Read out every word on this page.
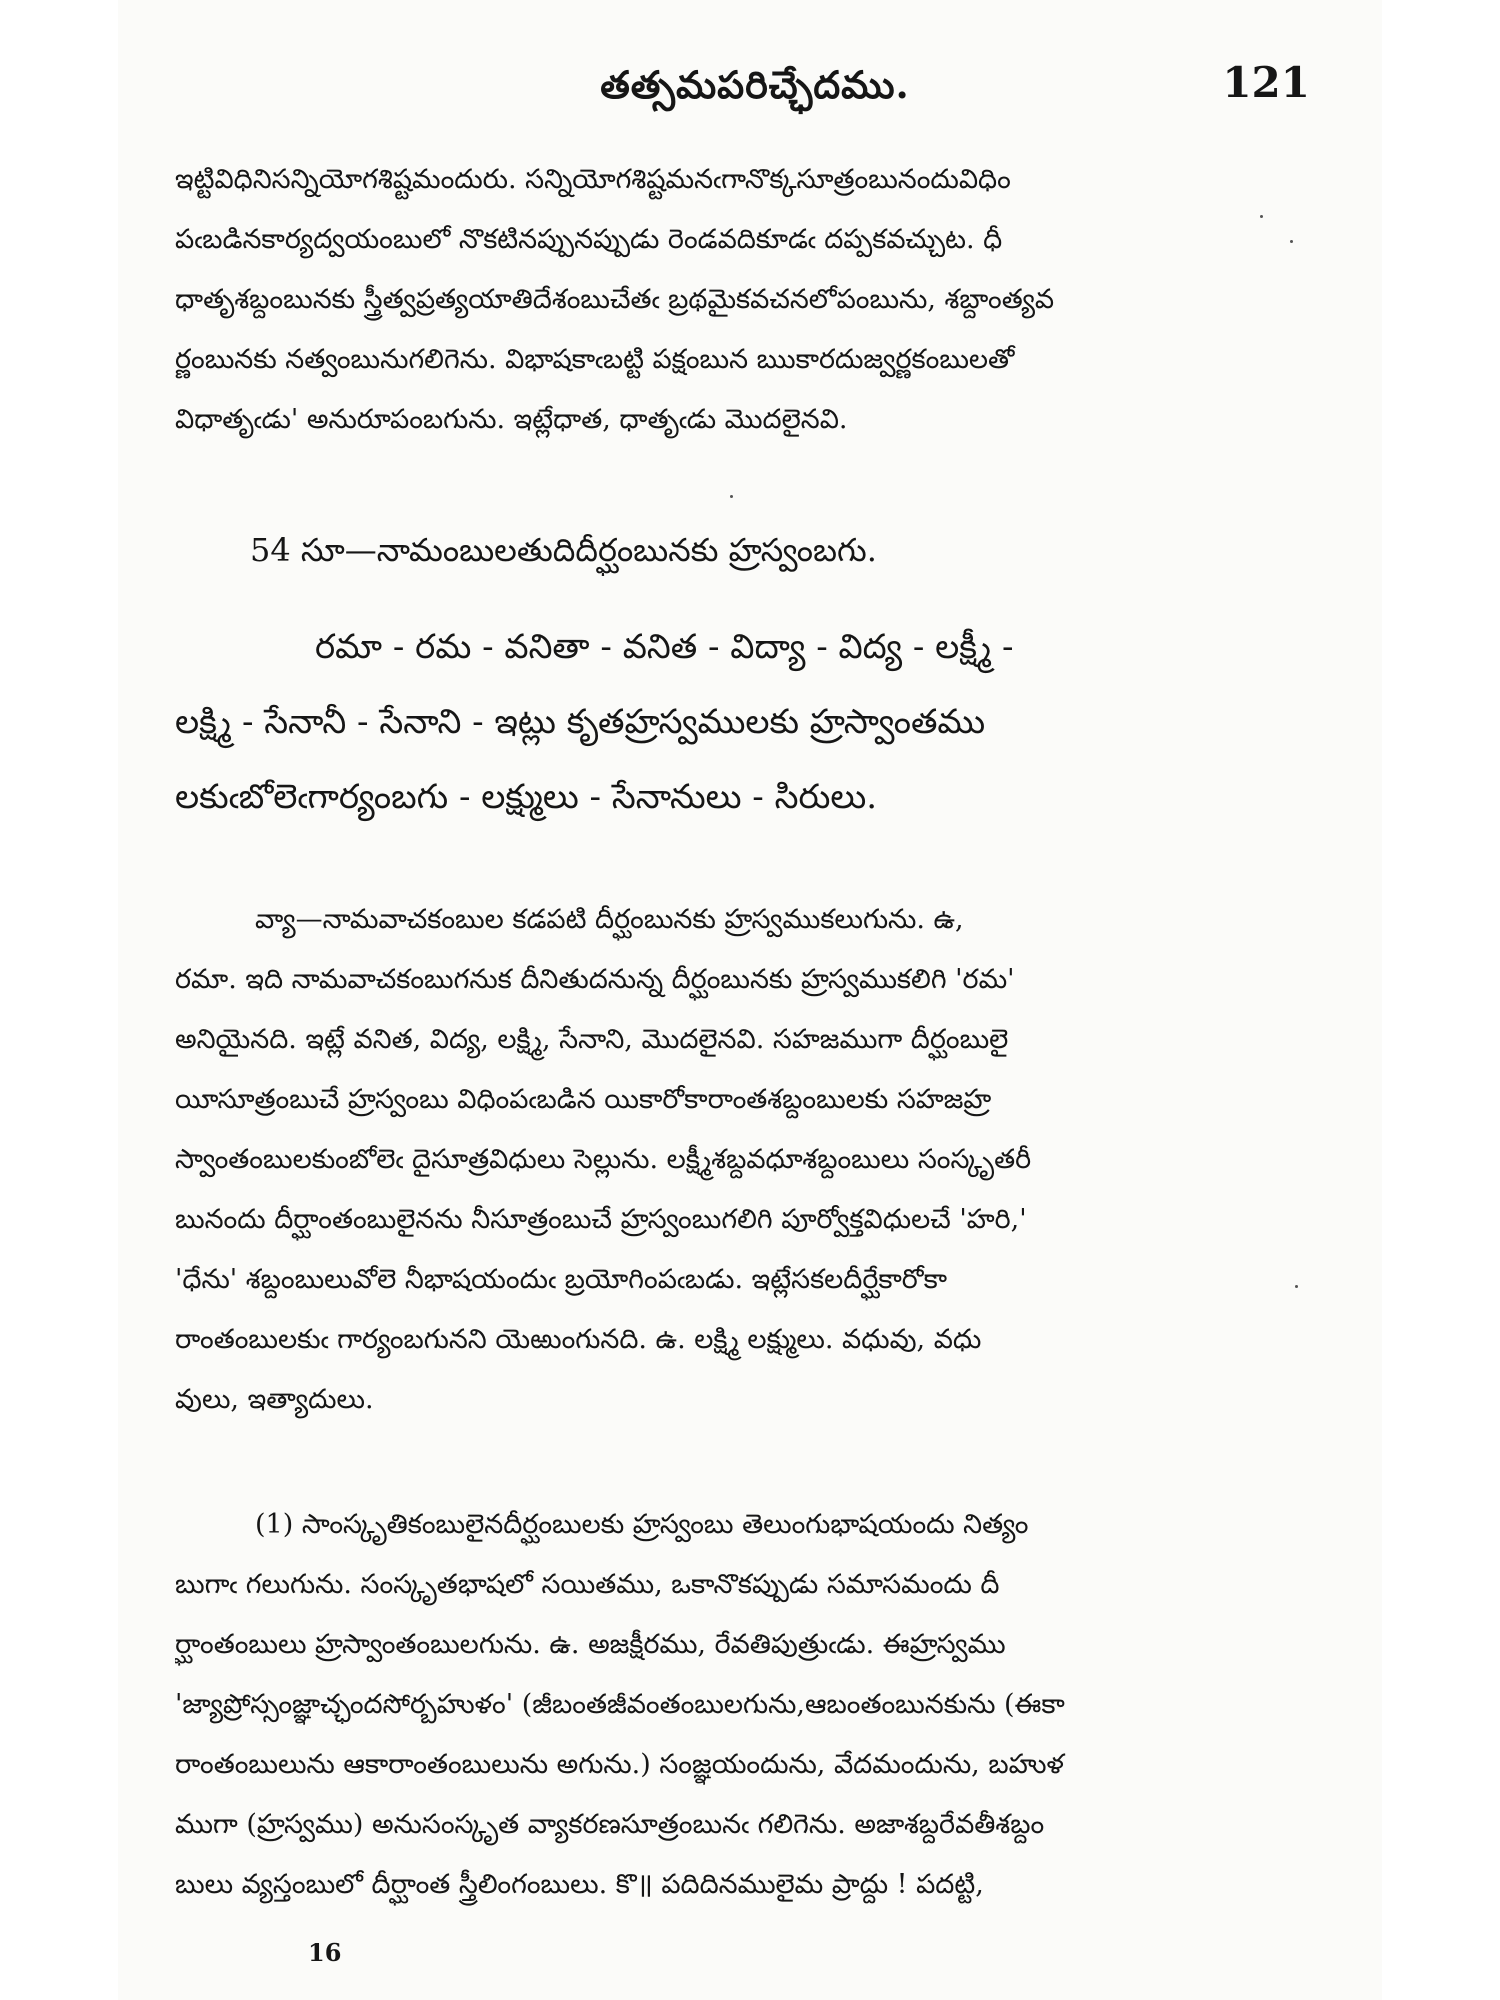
తత్సమపరిచ్ఛేదము.	121
ఇట్టివిధినిసన్నియోగశిష్టమందురు. సన్నియోగశిష్టమనఁగానొక్కసూత్రంబునందువిధిం
పఁబడినకార్యద్వయంబులో నొకటినప్పునప్పుడు రెండవదికూడఁ దప్పకవచ్చుట. ధీ
ధాతృశబ్దంబునకు స్త్రీత్వప్రత్యయాతిదేశంబుచేతఁ బ్రథమైకవచనలోపంబును, శబ్దాంత్యవ
ర్ణంబునకు నత్వంబునుగలిగెను. విభాషకాఁబట్టి పక్షంబున ఋకారదుజ్వర్ణకంబులతో
విధాతృఁడు' అనురూపంబగును. ఇట్లేధాత, ధాతృఁడు మొదలైనవి.
54 సూ—నామంబులతుదిదీర్ఘంబునకు హ్రస్వంబగు.
రమా - రమ - వనితా - వనిత - విద్యా - విద్య - లక్ష్మీ -
లక్ష్మి - సేనానీ - సేనాని - ఇట్లు కృతహ్రస్వములకు హ్రస్వాంతము
లకుఁబోలెఁగార్యంబగు - లక్ష్ములు - సేనానులు - సిరులు.
వ్యా—నామవాచకంబుల కడపటి దీర్ఘంబునకు హ్రస్వముకలుగును. ఉ,
రమా. ఇది నామవాచకంబుగనుక దీనితుదనున్న దీర్ఘంబునకు హ్రస్వముకలిగి 'రమ'
అనియైనది. ఇట్లే వనిత, విద్య, లక్ష్మి, సేనాని, మొదలైనవి. సహజముగా దీర్ఘంబులై
యీసూత్రంబుచే హ్రస్వంబు విధింపఁబడిన యికారోకారాంతశబ్దంబులకు సహజహ్ర
స్వాంతంబులకుంబోలెఁ దైసూత్రవిధులు సెల్లును. లక్ష్మీశబ్దవధూశబ్దంబులు సంస్కృతరీ
బునందు దీర్ఘాంతంబులైనను నీసూత్రంబుచే హ్రస్వంబుగలిగి పూర్వోక్తవిధులచే 'హరి,'
'ధేను' శబ్దంబులువోలె నీభాషయందుఁ బ్రయోగింపఁబడు. ఇట్లేసకలదీర్ఘేకారోకా
రాంతంబులకుఁ గార్యంబగునని యెఱుంగునది. ఉ. లక్ష్మి లక్ష్ములు. వధువు, వధు
వులు, ఇత్యాదులు.
(1) సాంస్కృతికంబులైనదీర్ఘంబులకు హ్రస్వంబు తెలుంగుభాషయందు నిత్యం
బుగాఁ గలుగును. సంస్కృతభాషలో సయితము, ఒకానొకప్పుడు సమాసమందు దీ
ర్ఘాంతంబులు హ్రస్వాంతంబులగును. ఉ. అజక్షీరము, రేవతిపుత్రుఁడు. ఈహ్రస్వము
'జ్యాప్రోస్సంజ్ఞాచ్ఛందసోర్బహుళం' (జీబంతజీవంతంబులగును,ఆబంతంబునకును (ఈకా
రాంతంబులును ఆకారాంతంబులును అగును.) సంజ్ఞయందును, వేదమందును, బహుళ
ముగా (హ్రస్వము) అనుసంస్కృత వ్యాకరణసూత్రంబునఁ గలిగెను. అజాశబ్దరేవతీశబ్దం
బులు వ్యస్తంబులో దీర్ఘాంత స్త్రీలింగంబులు. కొ॥ పదిదినములైమ ప్రాద్దు ! పదట్టి,
16
